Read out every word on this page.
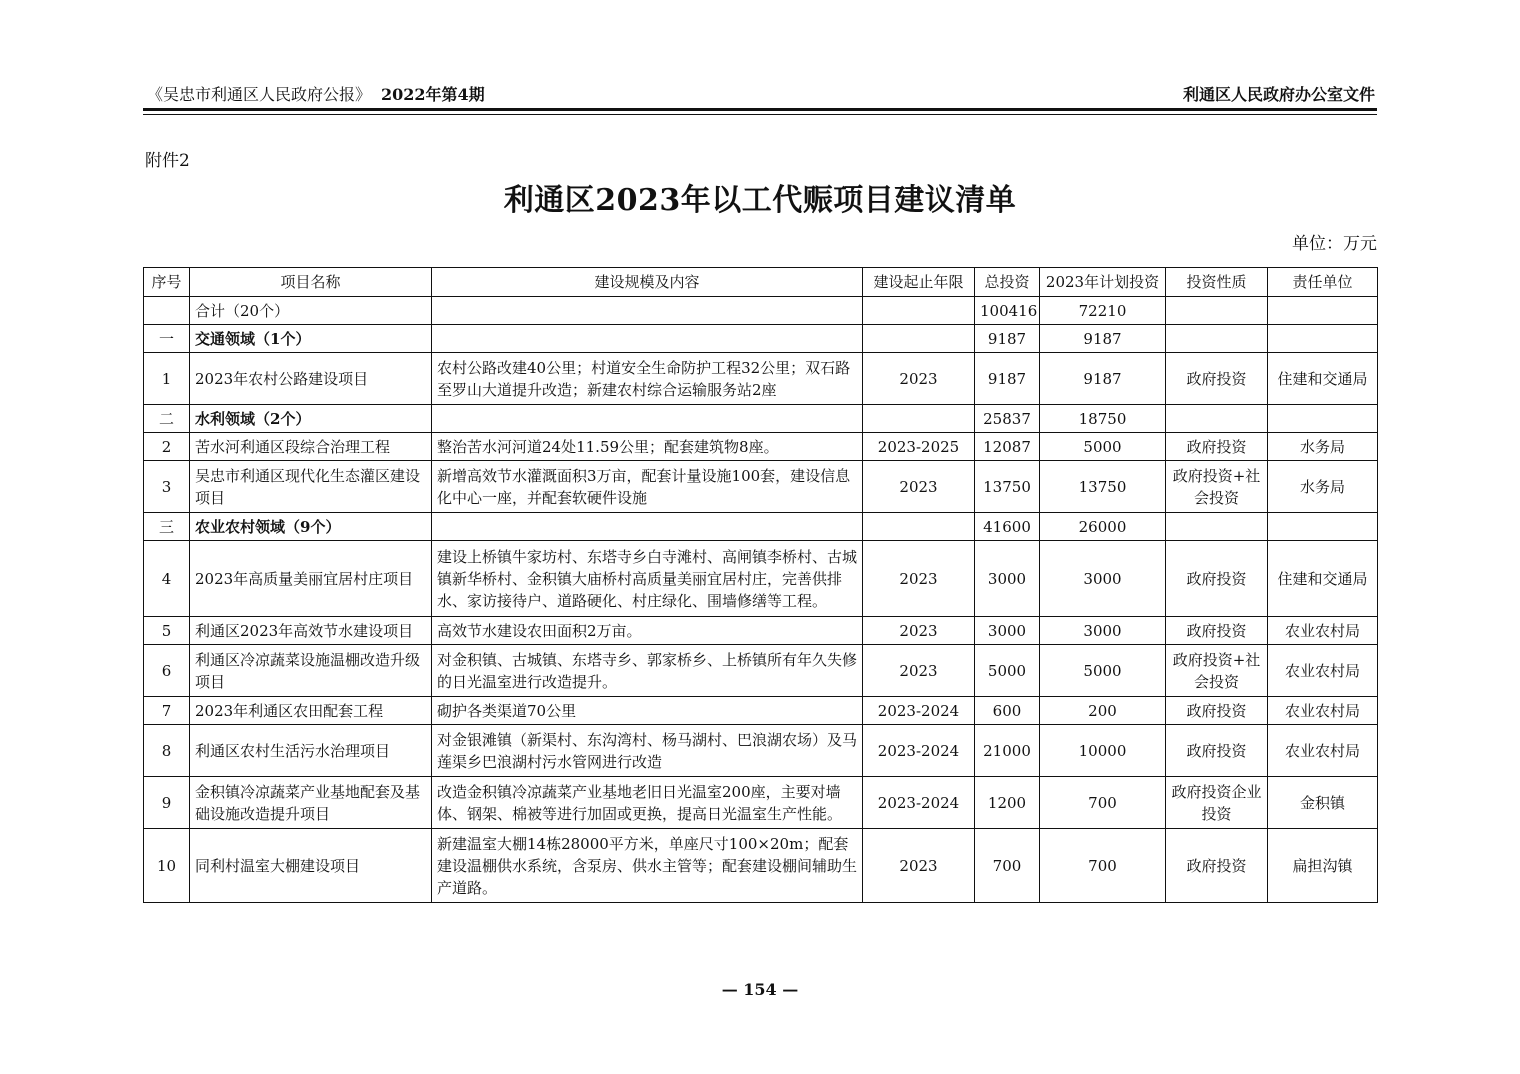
《吴忠市利通区人民政府公报》 2022年第4期	利通区人民政府办公室文件
附件2
利通区2023年以工代赈项目建议清单
单位：万元
序号	项目名称	建设规模及内容	建设起止年限	总投资	2023年计划投资	投资性质	责任单位
	合计（20个）			100416	72210		
一	交通领域（1个）			9187	9187		
1	2023年农村公路建设项目	农村公路改建40公里；村道安全生命防护工程32公里；双石路至罗山大道提升改造；新建农村综合运输服务站2座	2023	9187	9187	政府投资	住建和交通局
二	水利领域（2个）			25837	18750		
2	苦水河利通区段综合治理工程	整治苦水河河道24处11.59公里；配套建筑物8座。	2023-2025	12087	5000	政府投资	水务局
3	吴忠市利通区现代化生态灌区建设项目	新增高效节水灌溉面积3万亩，配套计量设施100套，建设信息化中心一座，并配套软硬件设施	2023	13750	13750	政府投资+社会投资	水务局
三	农业农村领域（9个）			41600	26000		
4	2023年高质量美丽宜居村庄项目	建设上桥镇牛家坊村、东塔寺乡白寺滩村、高闸镇李桥村、古城镇新华桥村、金积镇大庙桥村高质量美丽宜居村庄，完善供排水、家访接待户、道路硬化、村庄绿化、围墙修缮等工程。	2023	3000	3000	政府投资	住建和交通局
5	利通区2023年高效节水建设项目	高效节水建设农田面积2万亩。	2023	3000	3000	政府投资	农业农村局
6	利通区冷凉蔬菜设施温棚改造升级项目	对金积镇、古城镇、东塔寺乡、郭家桥乡、上桥镇所有年久失修的日光温室进行改造提升。	2023	5000	5000	政府投资+社会投资	农业农村局
7	2023年利通区农田配套工程	砌护各类渠道70公里	2023-2024	600	200	政府投资	农业农村局
8	利通区农村生活污水治理项目	对金银滩镇（新渠村、东沟湾村、杨马湖村、巴浪湖农场）及马莲渠乡巴浪湖村污水管网进行改造	2023-2024	21000	10000	政府投资	农业农村局
9	金积镇冷凉蔬菜产业基地配套及基础设施改造提升项目	改造金积镇冷凉蔬菜产业基地老旧日光温室200座，主要对墙体、钢架、棉被等进行加固或更换，提高日光温室生产性能。	2023-2024	1200	700	政府投资企业投资	金积镇
10	同利村温室大棚建设项目	新建温室大棚14栋28000平方米，单座尺寸100×20m；配套建设温棚供水系统，含泵房、供水主管等；配套建设棚间辅助生产道路。	2023	700	700	政府投资	扁担沟镇
— 154 —
